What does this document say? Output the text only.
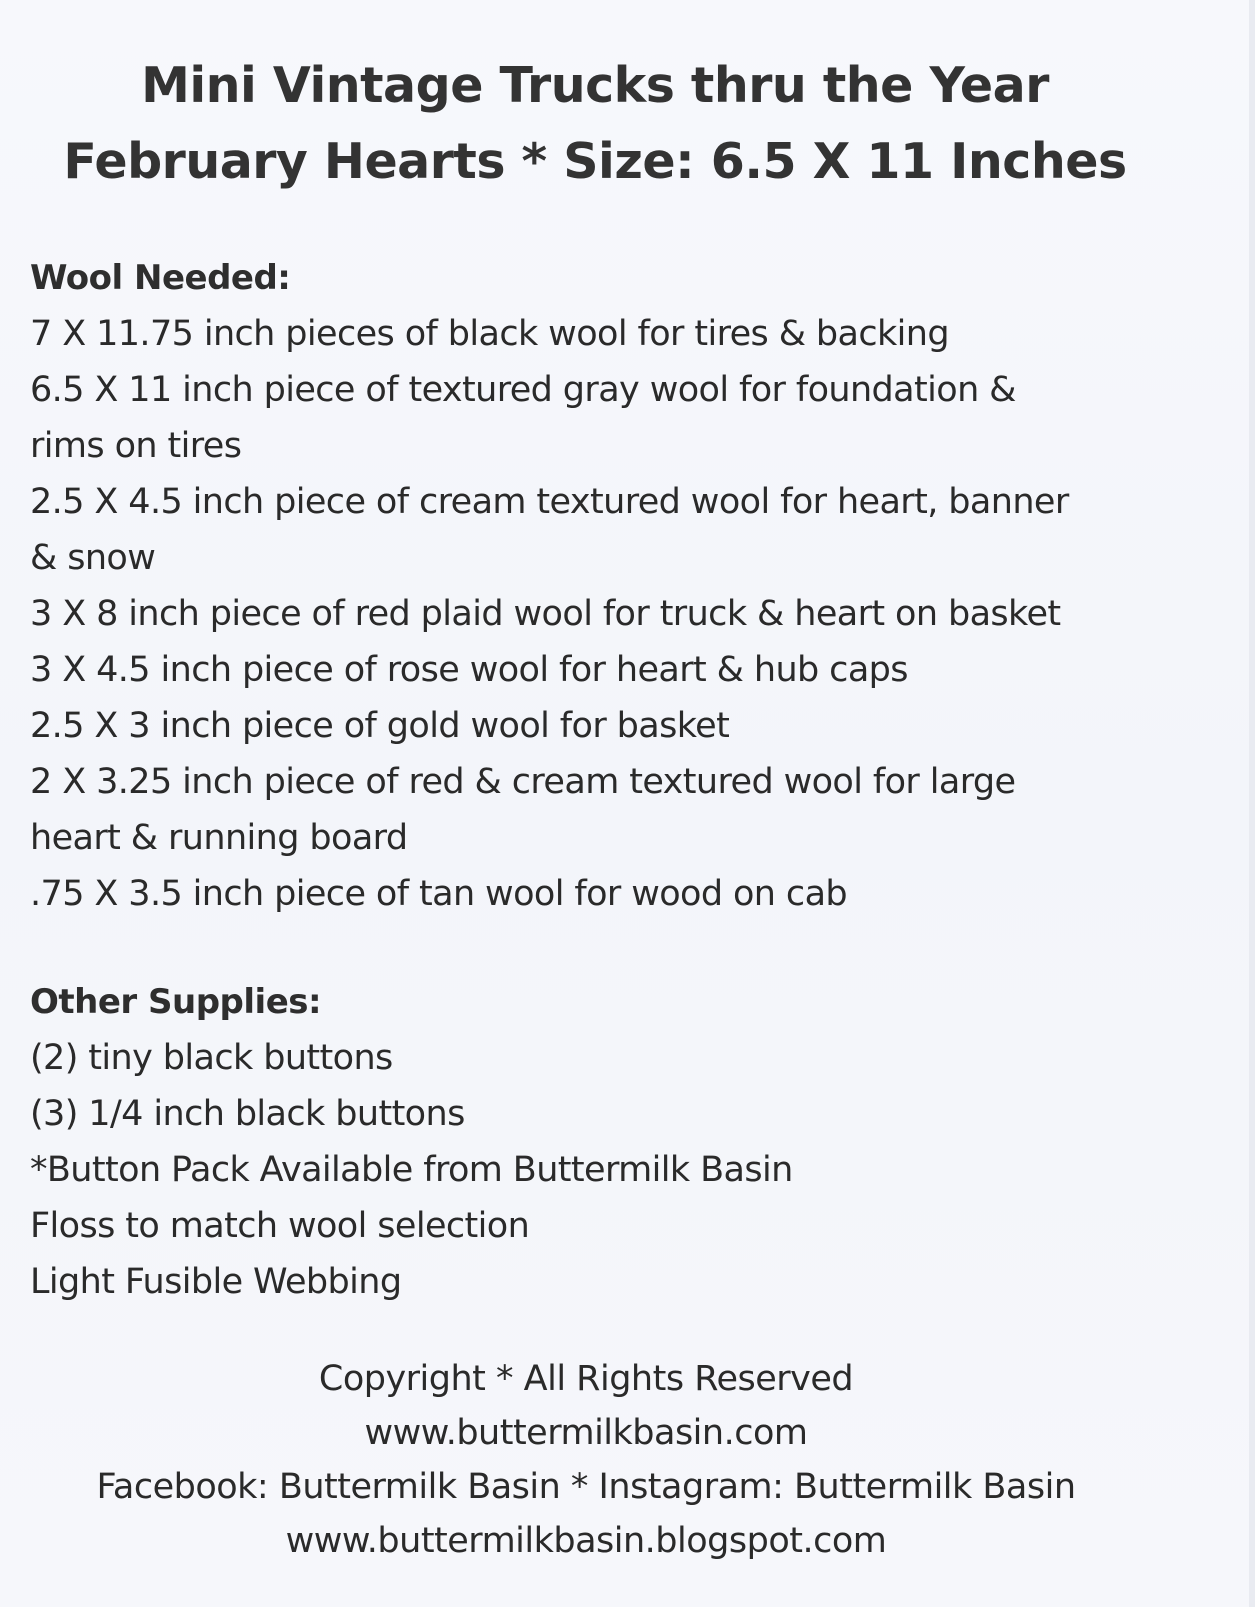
Mini Vintage Trucks thru the Year
February Hearts * Size: 6.5 X 11 Inches
Wool Needed:
7 X 11.75 inch pieces of black wool for tires & backing
6.5 X 11 inch piece of textured gray wool for foundation &
rims on tires
2.5 X 4.5 inch piece of cream textured wool for heart, banner
& snow
3 X 8 inch piece of red plaid wool for truck & heart on basket
3 X 4.5 inch piece of rose wool for heart & hub caps
2.5 X 3 inch piece of gold wool for basket
2 X 3.25 inch piece of red & cream textured wool for large
heart & running board
.75 X 3.5 inch piece of tan wool for wood on cab
Other Supplies:
(2) tiny black buttons
(3) 1/4 inch black buttons
*Button Pack Available from Buttermilk Basin
Floss to match wool selection
Light Fusible Webbing
Copyright * All Rights Reserved
www.buttermilkbasin.com
Facebook: Buttermilk Basin * Instagram: Buttermilk Basin
www.buttermilkbasin.blogspot.com
